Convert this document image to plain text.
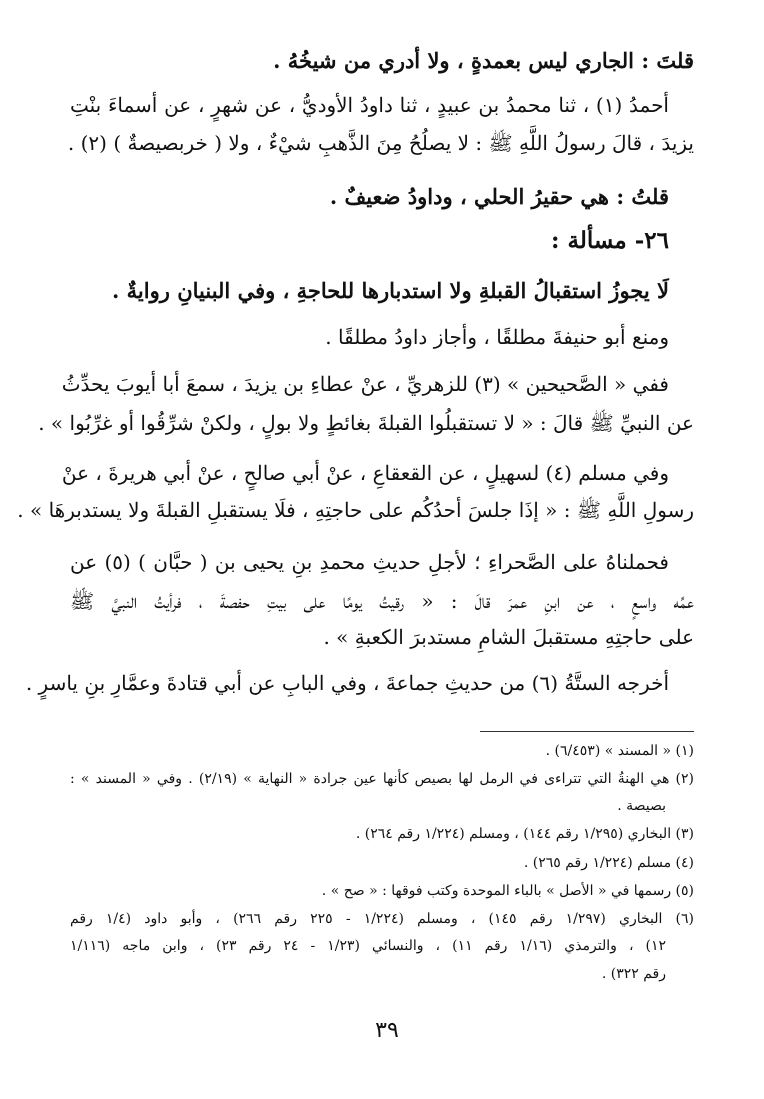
قلتَ : الجاري ليس بعمدةٍ ، ولا أدري من شيخُهُ .
أحمدُ (١) ، ثنا محمدُ بن عبيدٍ ، ثنا داودُ الأوديُّ ، عن شهرٍ ، عن أسماءَ بنْتِ
يزيدَ ، قالَ رسولُ اللَّهِ ﷺ : لا يصلُحُ مِنَ الذَّهبِ شيْءٌ ، ولا ( خربصيصةٌ ) (٢) .
قلتُ : هي حقيرُ الحلي ، وداودُ ضعيفٌ .
٢٦- مسألة :
لَا يجوزُ استقبالُ القبلةِ ولا استدبارها للحاجةِ ، وفي البنيانِ روايةٌ .
ومنع أبو حنيفةَ مطلقًا ، وأجاز داودُ مطلقًا .
ففي « الصَّحيحين » (٣) للزهريِّ ، عنْ عطاءِ بن يزيدَ ، سمعَ أبا أيوبَ يحدِّثُ
عن النبيِّ ﷺ قالَ : « لا تستقبلُوا القبلةَ بغائطٍ ولا بولٍ ، ولكنْ شرِّقُوا أو غرِّبُوا » .
وفي مسلم (٤) لسهيلٍ ، عن القعقاعِ ، عنْ أبي صالحٍ ، عنْ أبي هريرةَ ، عنْ
رسولِ اللَّهِ ﷺ : « إذَا جلسَ أحدُكُم على حاجتِهِ ، فلَا يستقبلِ القبلةَ ولا يستدبرهَا » .
فحملناهُ على الصَّحراءِ ؛ لأجلِ حديثِ محمدِ بنِ يحيى بن ( حبَّان ) (٥) عن
عمِّه واسعٍ ، عن ابنِ عمرَ قالَ : « رقيتُ يومًا على بيتِ حفصةَ ، فرأيتُ النبيَّ ﷺ
على حاجتِهِ مستقبلَ الشامِ مستدبرَ الكعبةِ » .
أخرجه الستَّةُ (٦) من حديثِ جماعةَ ، وفي البابِ عن أبي قتادةَ وعمَّارِ بنِ ياسرٍ .
(١) « المسند » (٦/٤٥٣) .
(٢) هي الهنةُ التي تتراءى في الرمل لها بصيص كأنها عين جرادة « النهاية » (٢/١٩) . وفي « المسند » :
بصيصة .
(٣) البخاري (١/٢٩٥ رقم ١٤٤) ، ومسلم (١/٢٢٤ رقم ٢٦٤) .
(٤) مسلم (١/٢٢٤ رقم ٢٦٥) .
(٥) رسمها في « الأصل » بالباء الموحدة وكتب فوقها : « صح » .
(٦) البخاري (١/٢٩٧ رقم ١٤٥) ، ومسلم (١/٢٢٤ - ٢٢٥ رقم ٢٦٦) ، وأبو داود (١/٤ رقم
١٢) ، والترمذي (١/١٦ رقم ١١) ، والنسائي (١/٢٣ - ٢٤ رقم ٢٣) ، وابن ماجه (١/١١٦
رقم ٣٢٢) .
٣٩
